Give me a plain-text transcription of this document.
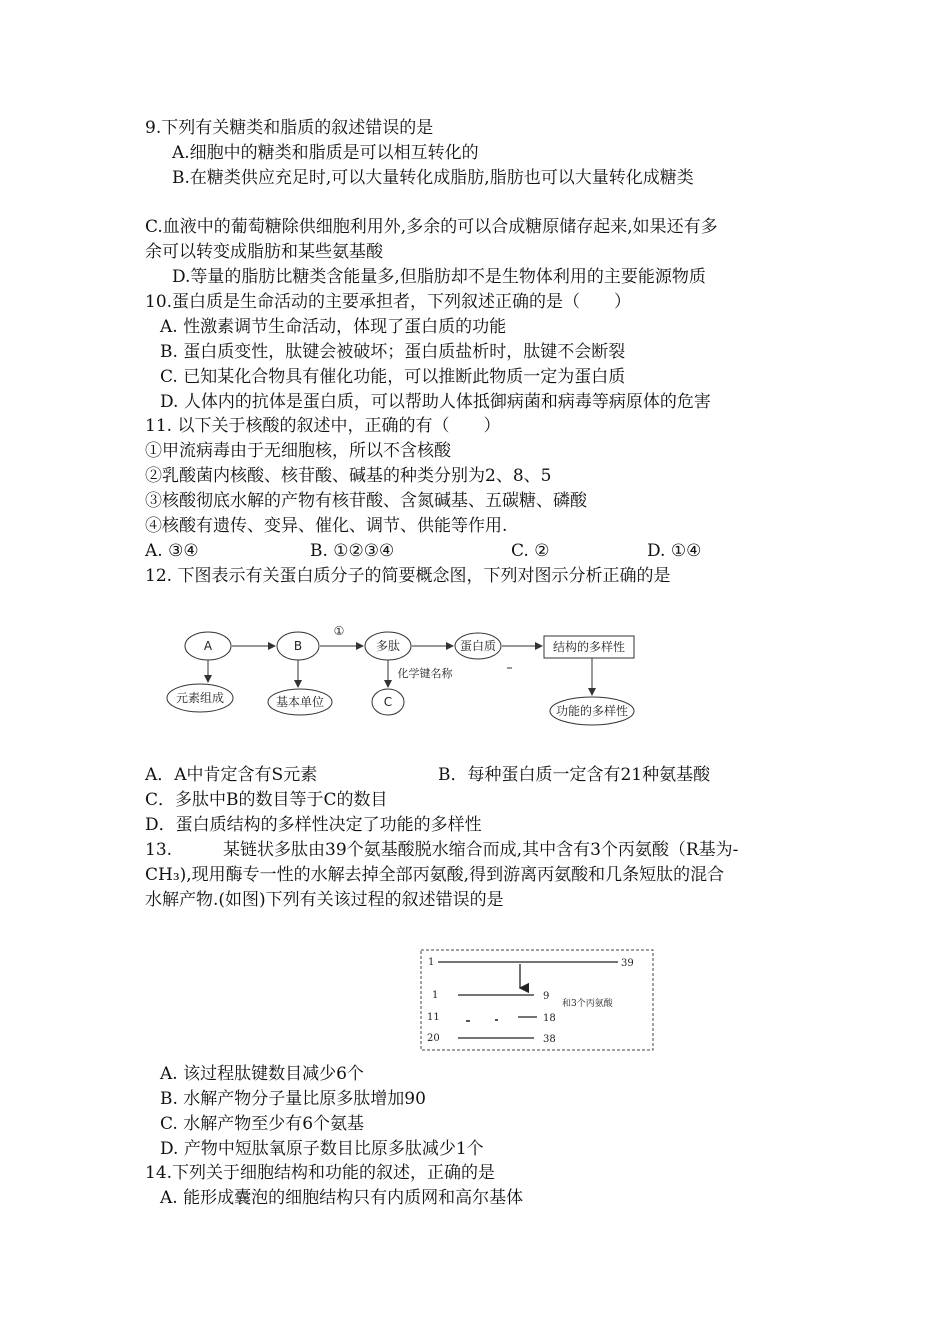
9.下列有关糖类和脂质的叙述错误的是
A.细胞中的糖类和脂质是可以相互转化的
B.在糖类供应充足时,可以大量转化成脂肪,脂肪也可以大量转化成糖类
C.血液中的葡萄糖除供细胞利用外,多余的可以合成糖原储存起来,如果还有多
余可以转变成脂肪和某些氨基酸
D.等量的脂肪比糖类含能量多,但脂肪却不是生物体利用的主要能源物质
10.蛋白质是生命活动的主要承担者，下列叙述正确的是（　　）
A. 性激素调节生命活动，体现了蛋白质的功能
B. 蛋白质变性，肽键会被破坏；蛋白质盐析时，肽键不会断裂
C. 已知某化合物具有催化功能，可以推断此物质一定为蛋白质
D. 人体内的抗体是蛋白质，可以帮助人体抵御病菌和病毒等病原体的危害
11. 以下关于核酸的叙述中，正确的有（　　）
①甲流病毒由于无细胞核，所以不含核酸
②乳酸菌内核酸、核苷酸、碱基的种类分别为2、8、5
③核酸彻底水解的产物有核苷酸、含氮碱基、五碳糖、磷酸
④核酸有遗传、变异、催化、调节、供能等作用.
A. ③④	B. ①②③④	C. ②	D. ①④
12. 下图表示有关蛋白质分子的简要概念图，下列对图示分析正确的是
A	B
①
多肽	蛋白质	结构的多样性
元素组成	基本单位
化学键名称
C
功能的多样性
A．A中肯定含有S元素	B．每种蛋白质一定含有21种氨基酸
C．多肽中B的数目等于C的数目
D．蛋白质结构的多样性决定了功能的多样性
13.　　　某链状多肽由39个氨基酸脱水缩合而成,其中含有3个丙氨酸（R基为-
CH₃),现用酶专一性的水解去掉全部丙氨酸,得到游离丙氨酸和几条短肽的混合
水解产物.(如图)下列有关该过程的叙述错误的是
1	39
1	9
和3个丙氨酸
11	18
20	38
A. 该过程肽键数目减少6个
B. 水解产物分子量比原多肽增加90
C. 水解产物至少有6个氨基
D. 产物中短肽氧原子数目比原多肽减少1个
14.下列关于细胞结构和功能的叙述，正确的是
A. 能形成囊泡的细胞结构只有内质网和高尔基体
